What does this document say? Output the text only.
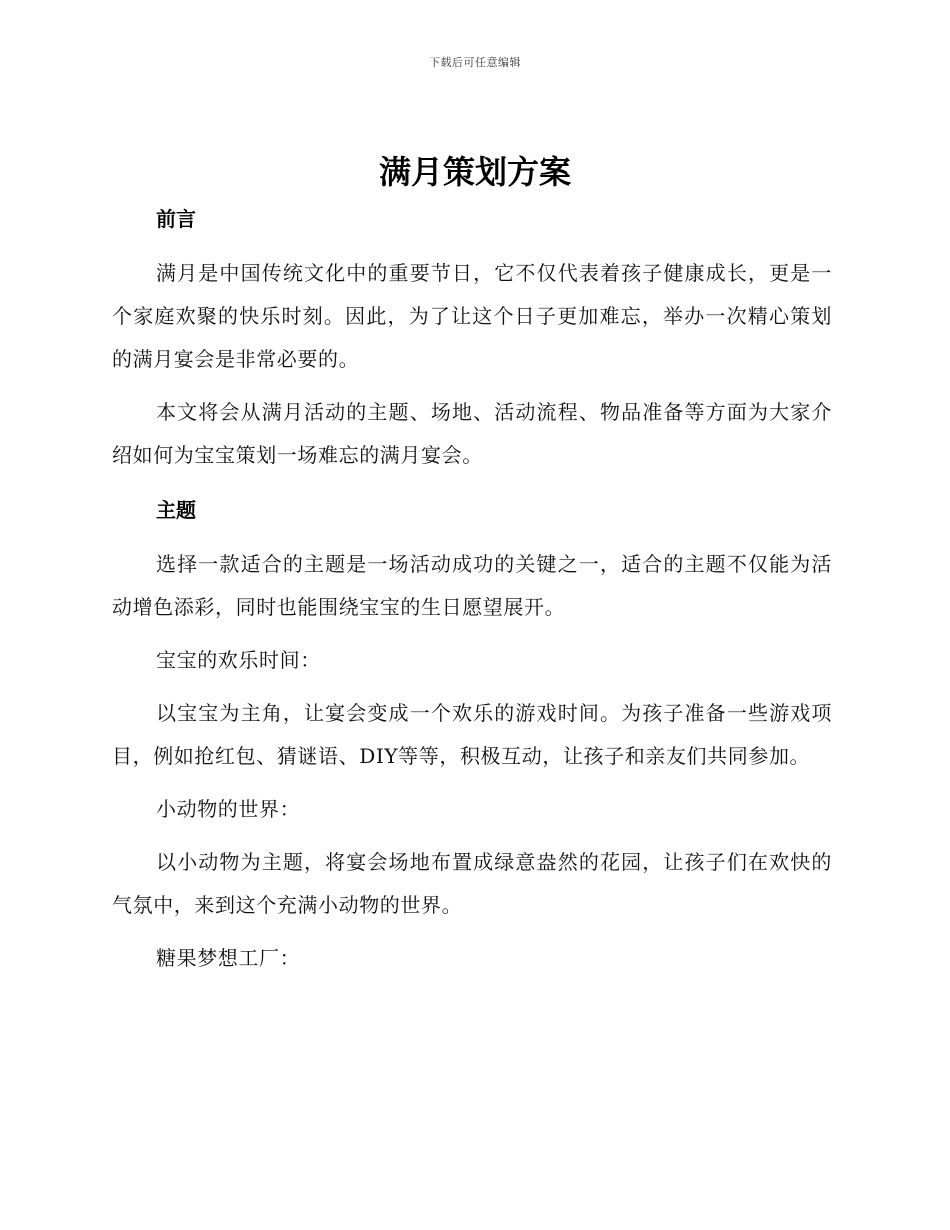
下载后可任意编辑
满月策划方案
前言

满月是中国传统文化中的重要节日，它不仅代表着孩子健康成长，更是一个家庭欢聚的快乐时刻。因此，为了让这个日子更加难忘，举办一次精心策划的满月宴会是非常必要的。

本文将会从满月活动的主题、场地、活动流程、物品准备等方面为大家介绍如何为宝宝策划一场难忘的满月宴会。

主题

选择一款适合的主题是一场活动成功的关键之一，适合的主题不仅能为活动增色添彩，同时也能围绕宝宝的生日愿望展开。

宝宝的欢乐时间：

以宝宝为主角，让宴会变成一个欢乐的游戏时间。为孩子准备一些游戏项目，例如抢红包、猜谜语、DIY等等，积极互动，让孩子和亲友们共同参加。

小动物的世界：

以小动物为主题，将宴会场地布置成绿意盎然的花园，让孩子们在欢快的气氛中，来到这个充满小动物的世界。

糖果梦想工厂：
